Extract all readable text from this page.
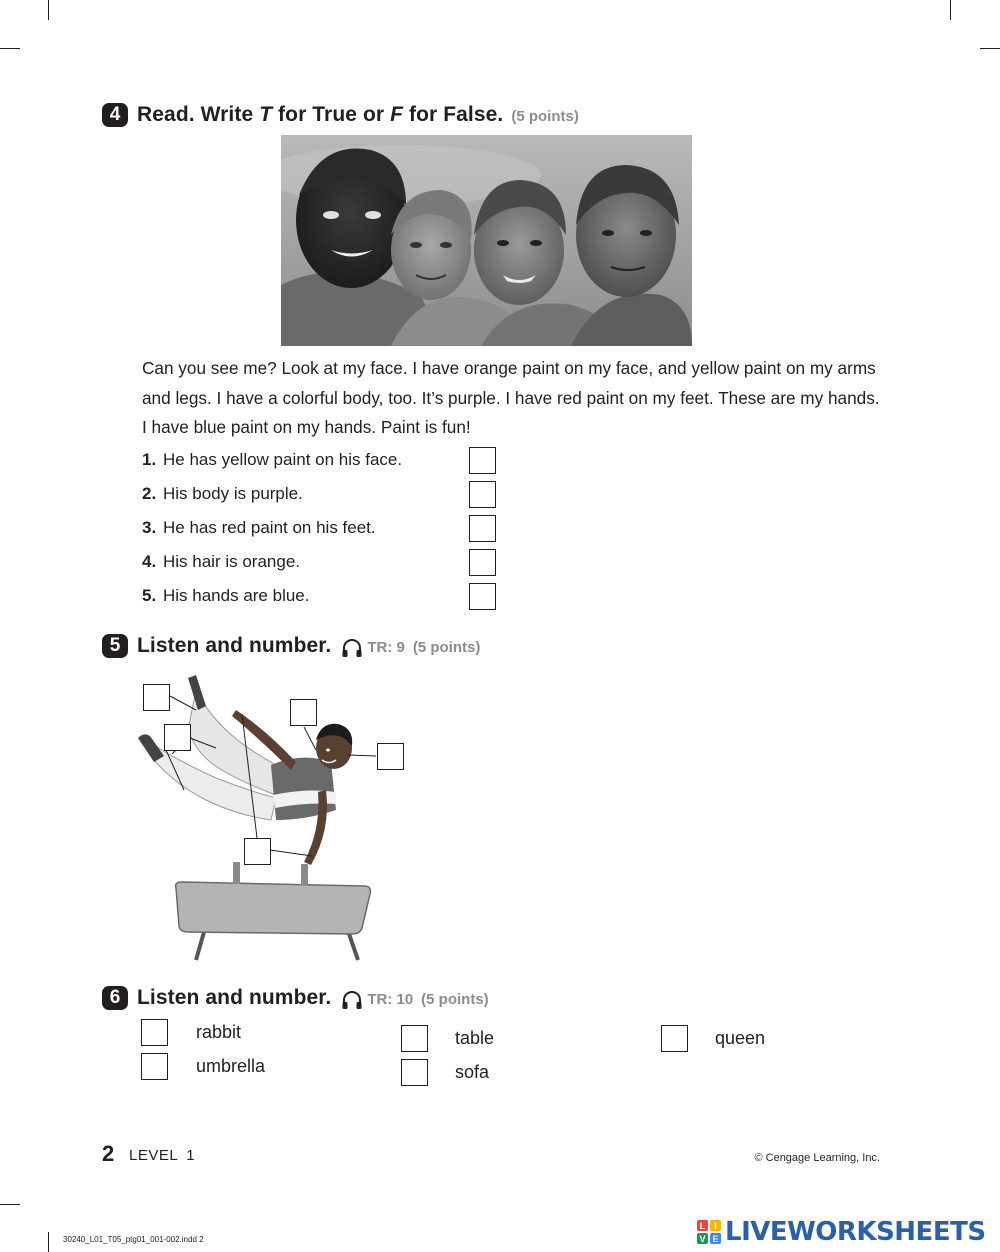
4 Read. Write T for True or F for False. (5 points)
Can you see me? Look at my face. I have orange paint on my face, and yellow paint on my arms and legs. I have a colorful body, too. It’s purple. I have red paint on my feet. These are my hands. I have blue paint on my hands. Paint is fun!
1. He has yellow paint on his face.
2. His body is purple.
3. He has red paint on his feet.
4. His hair is orange.
5. His hands are blue.
5 Listen and number. TR: 9 (5 points)
6 Listen and number. TR: 10 (5 points)
rabbit
umbrella
table
sofa
queen
2 LEVEL 1	© Cengage Learning, Inc.
30240_L01_T05_ptg01_001-002.indd 2
L I
V E LIVEWORKSHEETS
